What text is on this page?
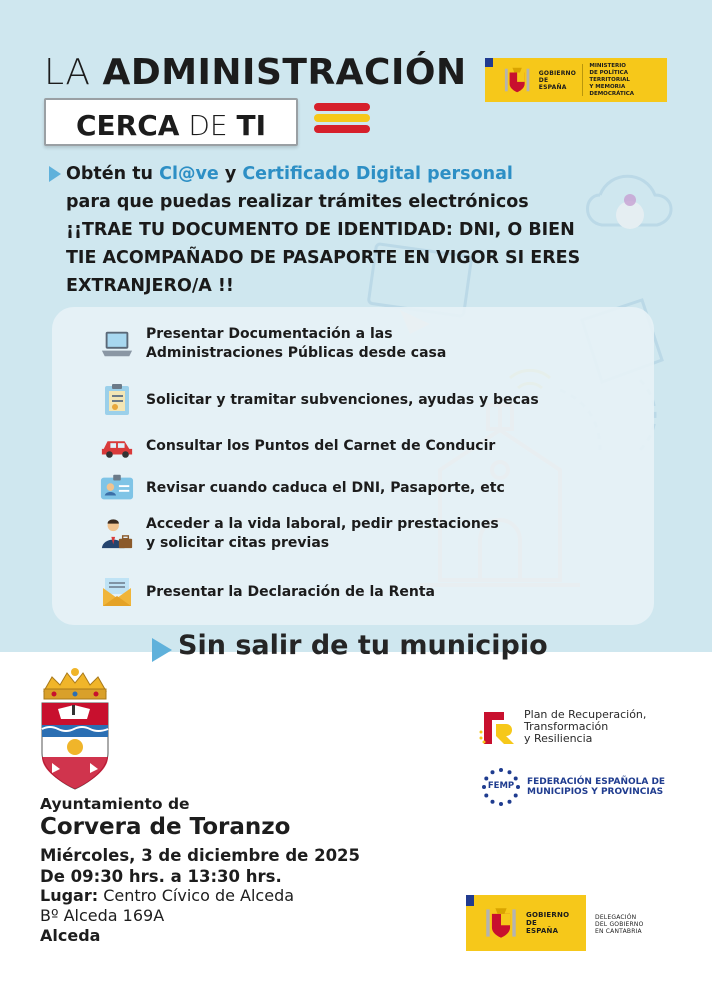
LA ADMINISTRACIÓN
CERCA DE TI
GOBIERNO
DE ESPAÑA
MINISTERIO
DE POLÍTICA TERRITORIAL
Y MEMORIA DEMOCRÁTICA
Obtén tu Cl@ve y Certificado Digital personal
para que puedas realizar trámites electrónicos
¡¡TRAE TU DOCUMENTO DE IDENTIDAD: DNI, O BIEN
TIE ACOMPAÑADO DE PASAPORTE EN VIGOR SI ERES
EXTRANJERO/A !!
Presentar Documentación a las
Administraciones Públicas desde casa
Solicitar y tramitar subvenciones, ayudas y becas
Consultar los Puntos del Carnet de Conducir
Revisar cuando caduca el DNI, Pasaporte, etc
Acceder a la vida laboral, pedir prestaciones
y solicitar citas previas
Presentar la Declaración de la Renta
Sin salir de tu municipio
Ayuntamiento de
Corvera de Toranzo
Miércoles, 3 de diciembre de 2025
De 09:30 hrs. a 13:30 hrs.
Lugar: Centro Cívico de Alceda
Bº Alceda 169A
Alceda
Plan de Recuperación,
Transformación
y Resiliencia
FEMP	FEDERACIÓN ESPAÑOLA DE
MUNICIPIOS Y PROVINCIAS
GOBIERNO
DE ESPAÑA
DELEGACIÓN
DEL GOBIERNO
EN CANTABRIA
